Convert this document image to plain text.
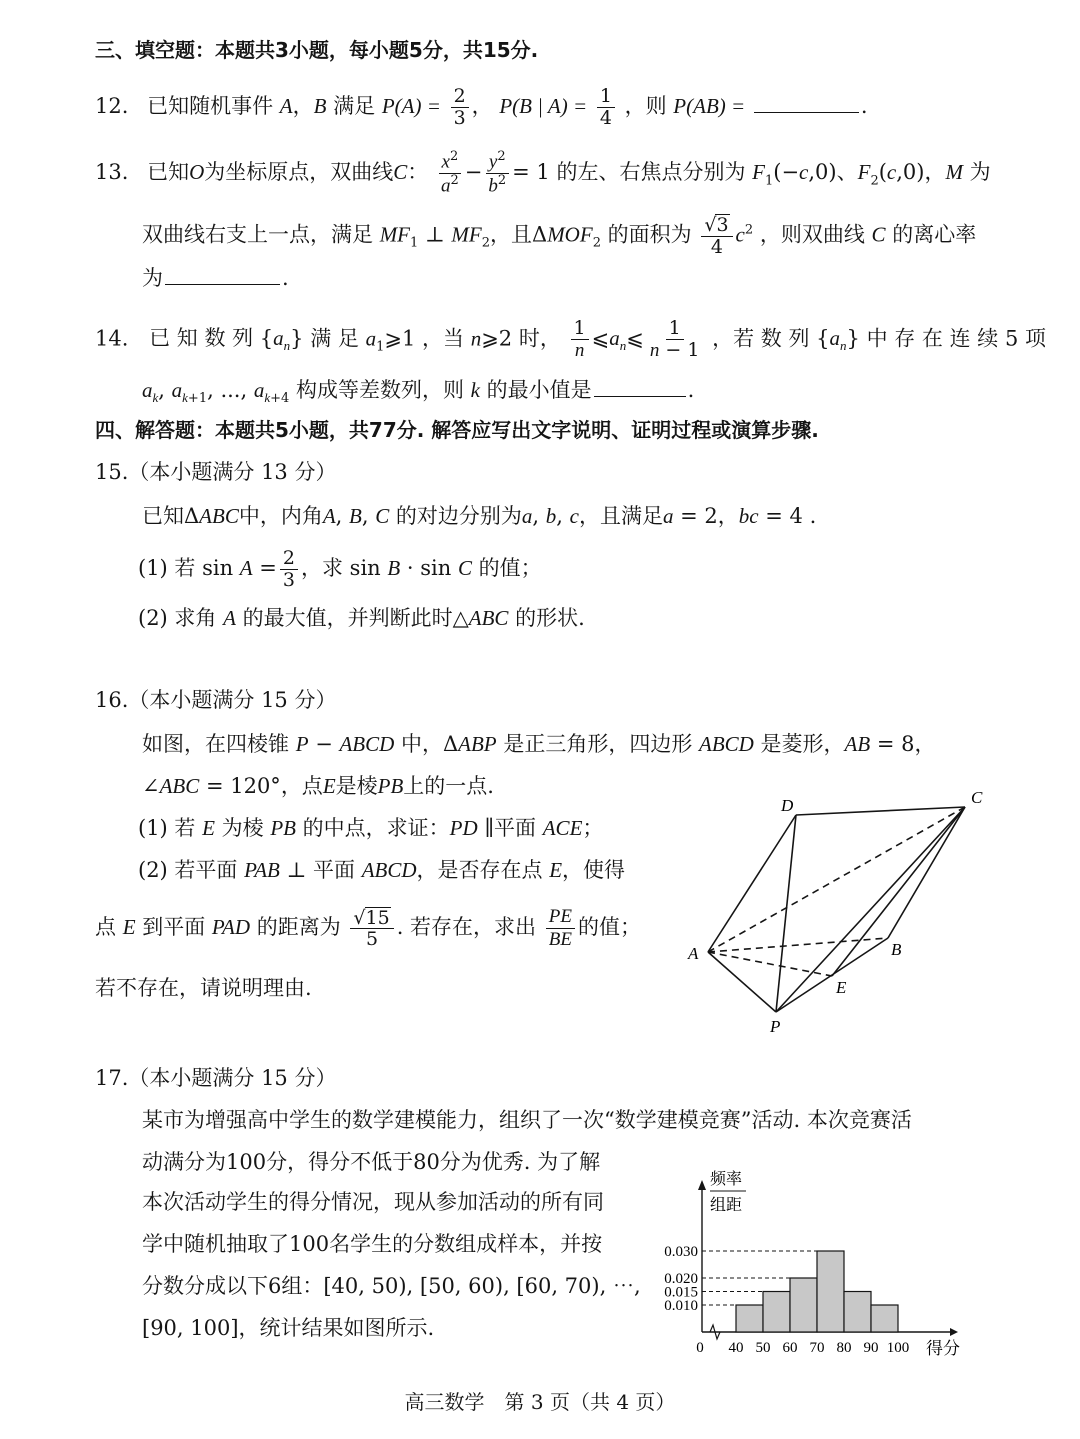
三、填空题：本题共3小题，每小题5分，共15分.
12. 已知随机事件 A，B 满足 $P(A) = \frac{2}{3}$ ， P(B | $A) = \frac{1}{4}$ ，则 P(AB) =	.
13. 已知O为坐标原点，双曲线C： $\frac{x^2}{a^2} - \frac{y^2}{b^2} = 1$ 的左、右焦点分别为 $F_1(-c,0)$、$F_2(c,0)$，M 为
双曲线右支上一点，满足 $MF_1$ ⊥ $MF_2$，且$\Delta MOF_2$ 的面积为 $\frac{√3}{4} c^2$ ，则双曲线 C 的离心率
为	.
14. 已 知 数 列 $\{a_n\}$ 满 足 $a_1⩾1$ ，当 n⩾2 时， $\frac{1}{n}$ $⩽a_n⩽ \frac{1}{n - 1}$ ，若 数 列 $\{a_n\}$ 中 存 在 连 续 5 项
$a_k$, $a_{k+1}$, ..., $a_{k+4}$ 构成等差数列，则 k 的最小值是	.
四、解答题：本题共5小题，共77分. 解答应写出文字说明、证明过程或演算步骤.
15.（本小题满分 13 分）
已知ΔABC中，内角A, B, C 的对边分别为a, b, c，且满足a = 2，bc = 4 .
(1) 若 $\sin A = \frac{2}{3}$ ，求 sin B · sin C 的值；
(2) 求角 A 的最大值，并判断此时△ABC 的形状.
16.（本小题满分 15 分）
如图，在四棱锥 P − ABCD 中，ΔABP 是正三角形，四边形 ABCD 是菱形，AB = 8，
∠ABC = 120°，点E是棱PB上的一点.
(1) 若 E 为棱 PB 的中点，求证：PD ∥平面 ACE；
(2) 若平面 PAB ⊥ 平面 ABCD，是否存在点 E，使得
点 E 到平面 PAD 的距离为 $\frac{√15}{5}$ . 若存在，求出 $\frac{PE}{BE}$ 的值；
若不存在，请说明理由.
D	C
A	B
E
P
17.（本小题满分 15 分）
某市为增强高中学生的数学建模能力，组织了一次“数学建模竞赛”活动. 本次竞赛活
动满分为100分，得分不低于80分为优秀. 为了解
本次活动学生的得分情况，现从参加活动的所有同
学中随机抽取了100名学生的分数组成样本，并按
分数分成以下6组：[40, 50), [50, 60), [60, 70), ⋯,
[90, 100]，统计结果如图所示.
0.030
0.020
0.015
0.010
0 40 50 60 70 80 90 100
频率
组距
得分
高三数学　第 3 页（共 4 页）
